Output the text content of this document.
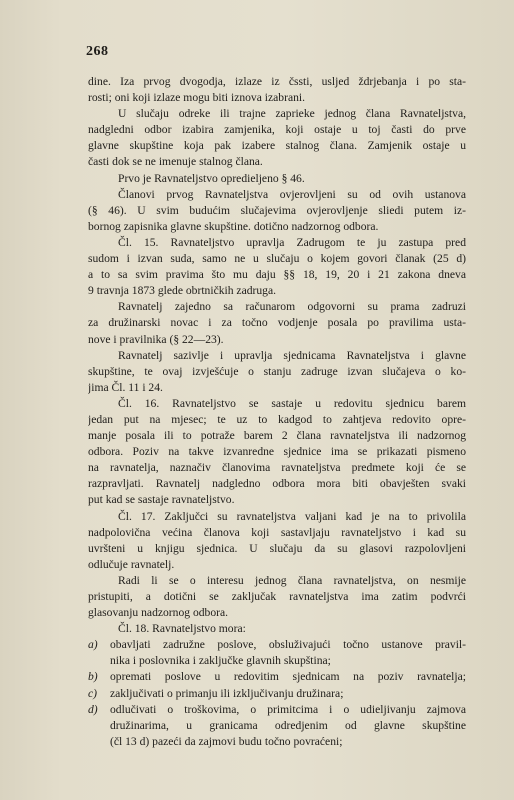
268
dine. Iza prvog dvogodja, izlaze iz čssti, usljed ždrjebanja i po sta-
rosti; oni koji izlaze mogu biti iznova izabrani.
U slučaju odreke ili trajne zaprieke jednog člana Ravnateljstva,
nadgledni odbor izabira zamjenika, koji ostaje u toj časti do prve
glavne skupštine koja pak izabere stalnog člana. Zamjenik ostaje u
časti dok se ne imenuje stalnog člana.
Prvo je Ravnateljstvo opredieljeno § 46.
Članovi prvog Ravnateljstva ovjerovljeni su od ovih ustanova
(§ 46). U svim budućim slučajevima ovjerovljenje sliedi putem iz-
bornog zapisnika glavne skupštine. dotično nadzornog odbora.
Čl. 15. Ravnateljstvo upravlja Zadrugom te ju zastupa pred
sudom i izvan suda, samo ne u slučaju o kojem govori članak (25 d)
a to sa svim pravima što mu daju §§ 18, 19, 20 i 21 zakona dneva
9 travnja 1873 glede obrtničkih zadruga.
Ravnatelj zajedno sa računarom odgovorni su prama zadruzi
za družinarski novac i za točno vodjenje posala po pravilima usta-
nove i pravilnika (§ 22—23).
Ravnatelj sazivlje i upravlja sjednicama Ravnateljstva i glavne
skupštine, te ovaj izvješćuje o stanju zadruge izvan slučajeva o ko-
jima Čl. 11 i 24.
Čl. 16. Ravnateljstvo se sastaje u redovitu sjednicu barem
jedan put na mjesec; te uz to kadgod to zahtjeva redovito opre-
manje posala ili to potraže barem 2 člana ravnateljstva ili nadzornog
odbora. Poziv na takve izvanredne sjednice ima se prikazati pismeno
na ravnatelja, naznačiv članovima ravnateljstva predmete koji će se
razpravljati. Ravnatelj nadgledno odbora mora biti obavješten svaki
put kad se sastaje ravnateljstvo.
Čl. 17. Zaključci su ravnateljstva valjani kad je na to privolila
nadpolovična većina članova koji sastavljaju ravnateljstvo i kad su
uvršteni u knjigu sjednica. U slučaju da su glasovi razpolovljeni
odlučuje ravnatelj.
Radi li se o interesu jednog člana ravnateljstva, on nesmije
pristupiti, a dotični se zaključak ravnateljstva ima zatim podvrći
glasovanju nadzornog odbora.
Čl. 18. Ravnateljstvo mora:
a) obavljati zadružne poslove, obsluživajući točno ustanove pravil-
nika i poslovnika i zaključke glavnih skupština;
b) opremati poslove u redovitim sjednicam na poziv ravnatelja;
c) zaključivati o primanju ili izključivanju družinara;
d) odlučivati o troškovima, o primitcima i o udieljivanju zajmova
družinarima, u granicama odredjenim od glavne skupštine
(čl 13 d) pazeći da zajmovi budu točno povraćeni;
